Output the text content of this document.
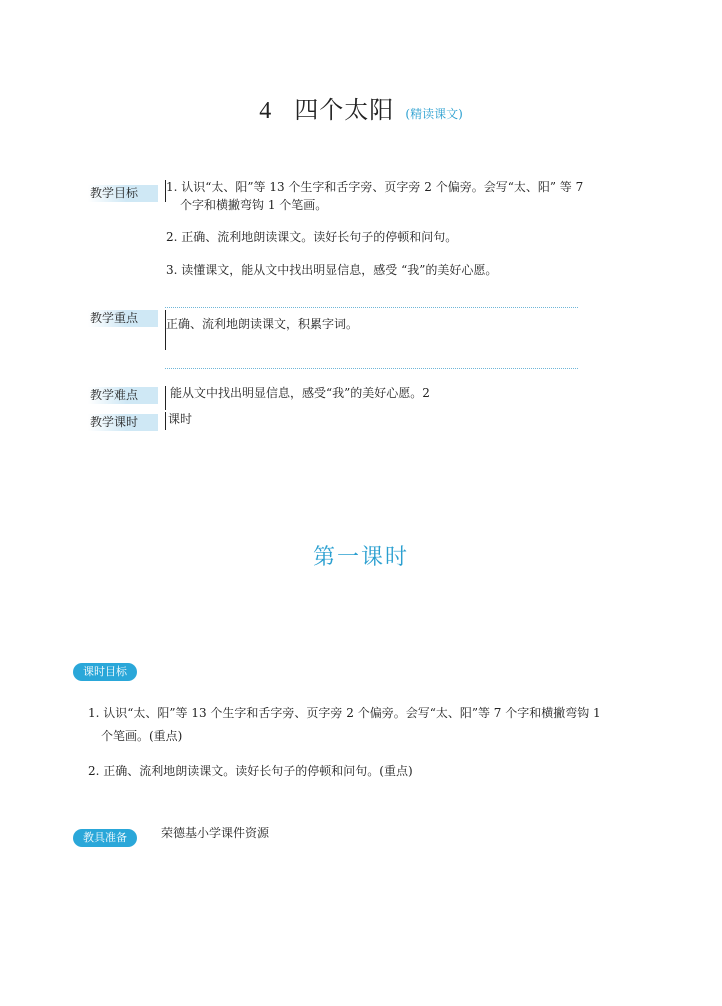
4 四个太阳 (精读课文)
教学目标	1. 认识“太、阳”等 13 个生字和舌字旁、页字旁 2 个偏旁。会写“太、阳” 等 7
个字和横撇弯钩 1 个笔画。
2. 正确、流利地朗读课文。读好长句子的停顿和问句。
3. 读懂课文，能从文中找出明显信息，感受 “我”的美好心愿。
教学重点	正确、流利地朗读课文，积累字词。
教学难点	能从文中找出明显信息，感受“我”的美好心愿。2
教学课时	课时
第一课时
课时目标
1. 认识“太、阳”等 13 个生字和舌字旁、页字旁 2 个偏旁。会写“太、阳”等 7 个字和横撇弯钩 1
个笔画。(重点)
2. 正确、流利地朗读课文。读好长句子的停顿和问句。(重点)
教具准备	荣德基小学课件资源
